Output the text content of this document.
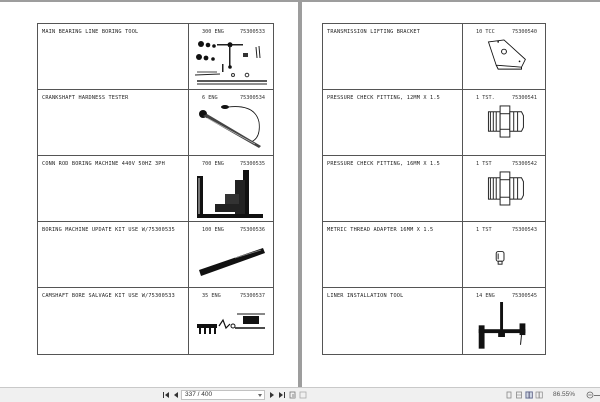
MAIN BEARING LINE BORING TOOL	300 ENG	75300533
CRANKSHAFT HARDNESS TESTER	6 ENG	75300534
CONN ROD BORING MACHINE 440V 50HZ 3PH	700 ENG	75300535
BORING MACHINE UPDATE KIT USE W/75300535	100 ENG	75300536
CAMSHAFT BORE SALVAGE KIT USE W/75300533	35 ENG	75300537
TRANSMISSION LIFTING BRACKET	10 TCC	75300540
PRESSURE CHECK FITTING, 12MM X 1.5	1 TST.	75300541
PRESSURE CHECK FITTING, 16MM X 1.5	1 TST	75300542
METRIC THREAD ADAPTER 16MM X 1.5	1 TST	75300543
LINER INSTALLATION TOOL	14 ENG	75300545
337 / 400	86.55%
